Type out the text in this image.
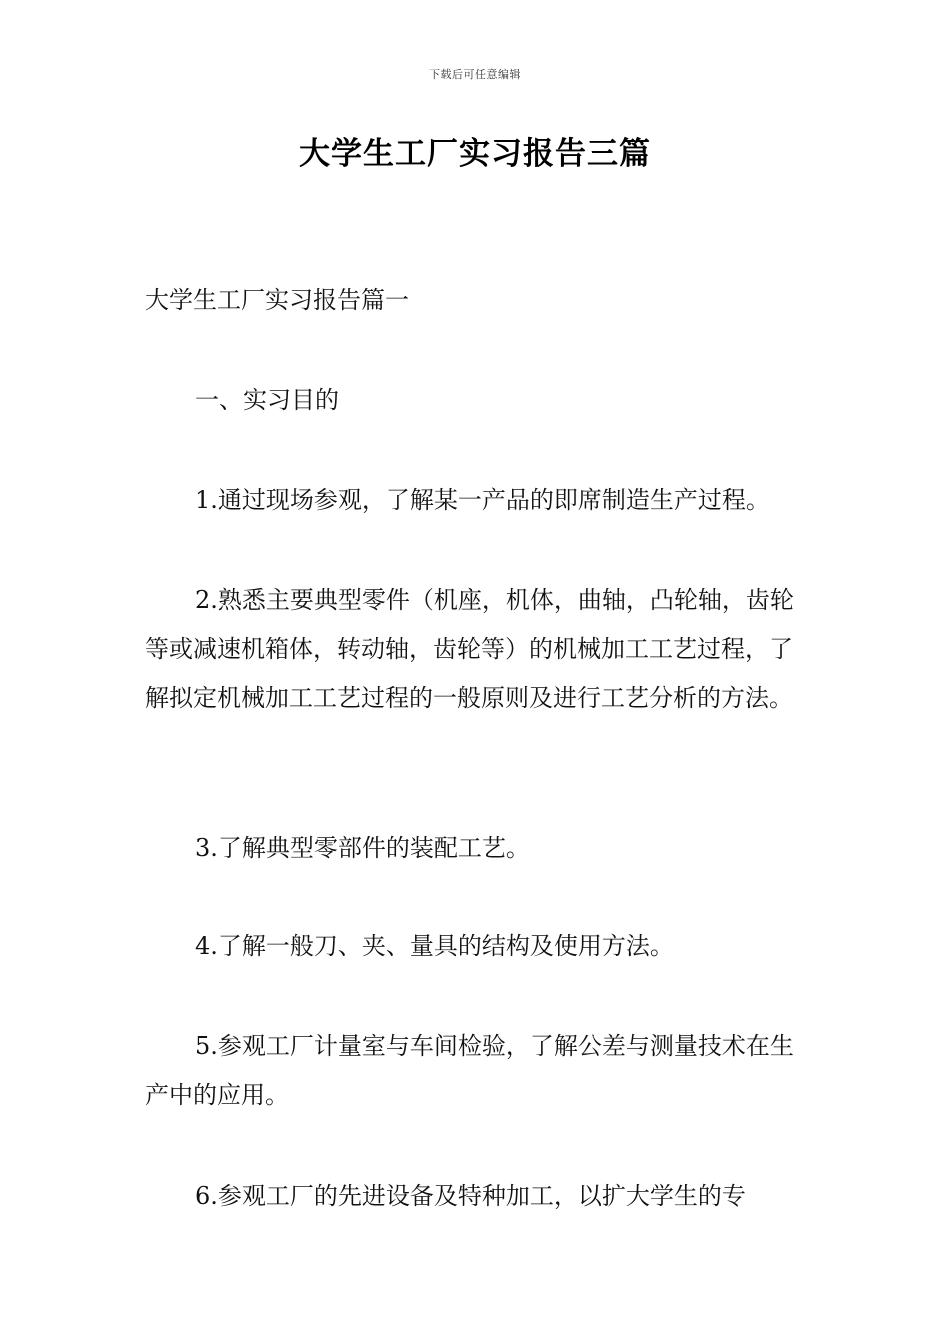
下载后可任意编辑
大学生工厂实习报告三篇

大学生工厂实习报告篇一

一、实习目的

1.通过现场参观，了解某一产品的即席制造生产过程。

2.熟悉主要典型零件（机座，机体，曲轴，凸轮轴，齿轮等或减速机箱体，转动轴，齿轮等）的机械加工工艺过程，了解拟定机械加工工艺过程的一般原则及进行工艺分析的方法。

3.了解典型零部件的装配工艺。

4.了解一般刀、夹、量具的结构及使用方法。

5.参观工厂计量室与车间检验，了解公差与测量技术在生产中的应用。

6.参观工厂的先进设备及特种加工，以扩大学生的专
